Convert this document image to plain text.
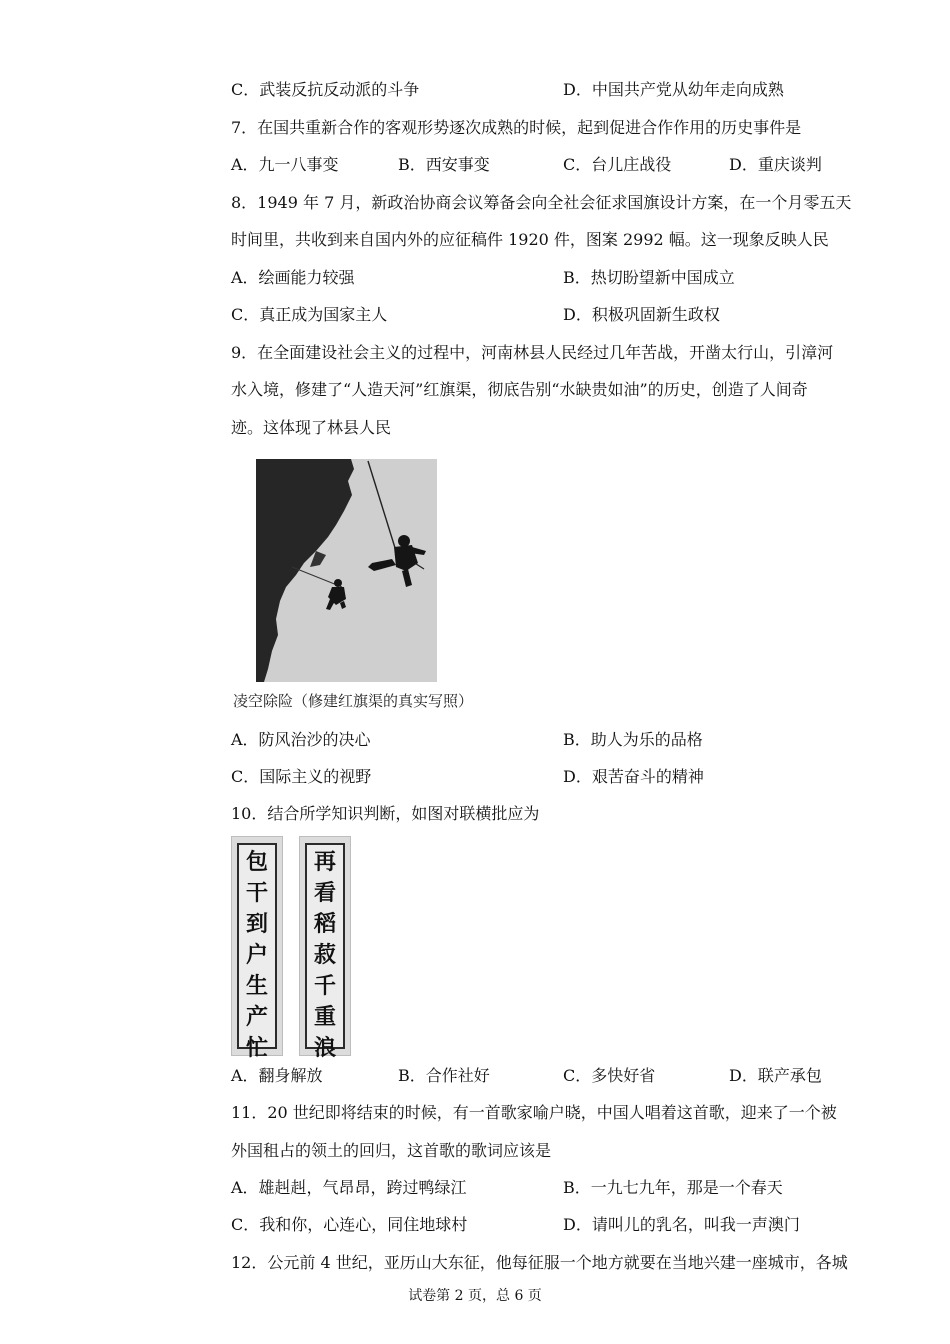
C．武装反抗反动派的斗争	D．中国共产党从幼年走向成熟
7．在国共重新合作的客观形势逐次成熟的时候，起到促进合作作用的历史事件是
A．九一八事变	B．西安事变	C．台儿庄战役	D．重庆谈判
8．1949 年 7 月，新政治协商会议筹备会向全社会征求国旗设计方案，在一个月零五天
时间里，共收到来自国内外的应征稿件 1920 件，图案 2992 幅。这一现象反映人民
A．绘画能力较强	B．热切盼望新中国成立
C．真正成为国家主人	D．积极巩固新生政权
9．在全面建设社会主义的过程中，河南林县人民经过几年苦战，开凿太行山，引漳河
水入境，修建了“人造天河”红旗渠，彻底告别“水缺贵如油”的历史，创造了人间奇
迹。这体现了林县人民
凌空除险（修建红旗渠的真实写照）
A．防风治沙的决心	B．助人为乐的品格
C．国际主义的视野	D．艰苦奋斗的精神
10．结合所学知识判断，如图对联横批应为
包
干
到
户
生
产
忙
再
看
稻
菽
千
重
浪
A．翻身解放	B．合作社好	C．多快好省	D．联产承包
11．20 世纪即将结束的时候，有一首歌家喻户晓，中国人唱着这首歌，迎来了一个被
外国租占的领土的回归，这首歌的歌词应该是
A．雄赳赳，气昂昂，跨过鸭绿江	B．一九七九年，那是一个春天
C．我和你，心连心，同住地球村	D．请叫儿的乳名，叫我一声澳门
12．公元前 4 世纪，亚历山大东征，他每征服一个地方就要在当地兴建一座城市，各城
试卷第 2 页，总 6 页
